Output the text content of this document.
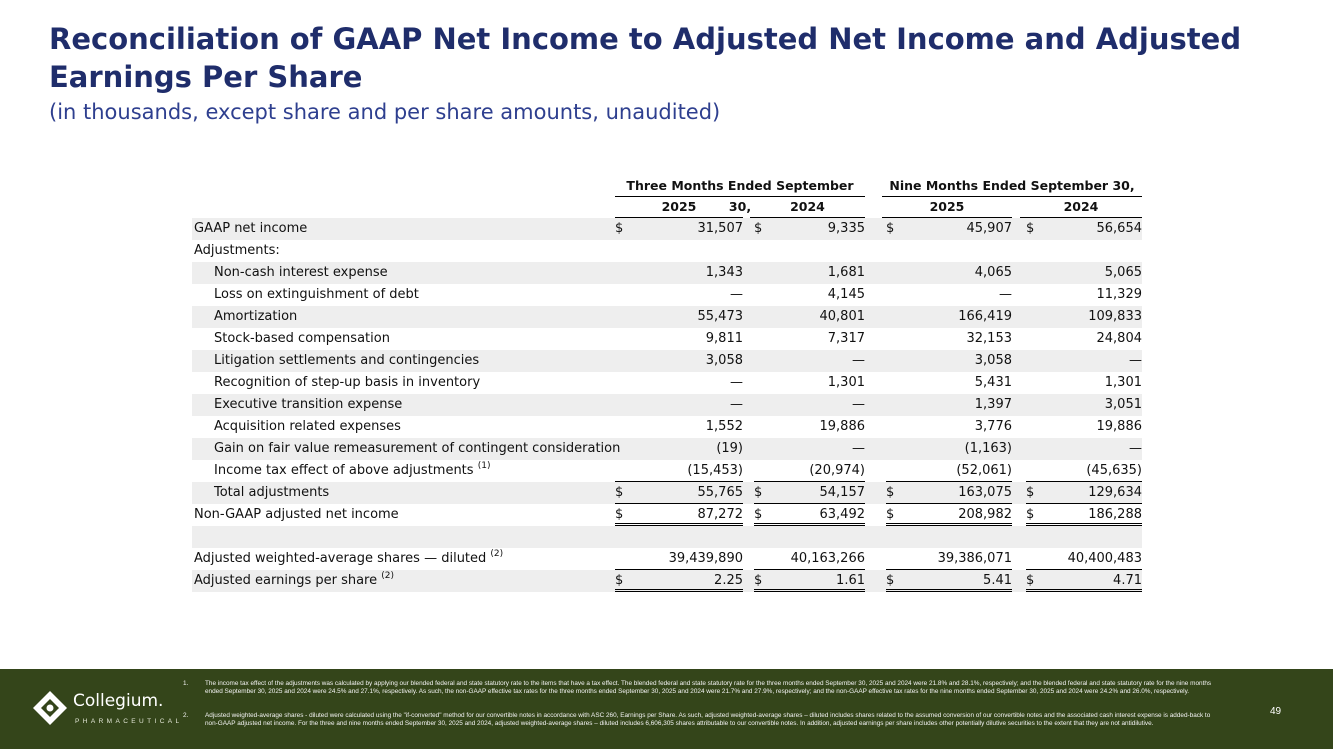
Reconciliation of GAAP Net Income to Adjusted Net Income and Adjusted Earnings Per Share
(in thousands, except share and per share amounts, unaudited)
Three Months Ended September 30,
Nine Months Ended September 30,
2025	2024	2025	2024
GAAP net income	$	31,507 $	9,335 $	45,907 $	56,654
Adjustments:
Non-cash interest expense	1,343	1,681	4,065	5,065
Loss on extinguishment of debt	—	4,145	—	11,329
Amortization	55,473	40,801	166,419	109,833
Stock-based compensation	9,811	7,317	32,153	24,804
Litigation settlements and contingencies	3,058	—	3,058	—
Recognition of step-up basis in inventory	—	1,301	5,431	1,301
Executive transition expense	—	—	1,397	3,051
Acquisition related expenses	1,552	19,886	3,776	19,886
Gain on fair value remeasurement of contingent consideration	(19)	—	(1,163)	—
Income tax effect of above adjustments $^{(1)}$	(15,453)	(20,974)	(52,061)	(45,635)
Total adjustments	$	55,765 $	54,157 $	163,075 $	129,634
Non-GAAP adjusted net income	$	87,272 $	63,492 $	208,982 $	186,288
Adjusted weighted-average shares — diluted $^{(2)}$	39,439,890	40,163,266	39,386,071	40,400,483
Adjusted earnings per share $^{(2)}$	$	2.25 $	1.61 $	5.41 $	4.71
Collegium.
PHARMACEUTICAL
1.	The income tax effect of the adjustments was calculated by applying our blended federal and state statutory rate to the items that have a tax effect. The blended federal and state statutory rate for the three months ended September 30, 2025 and 2024 were 21.8% and 28.1%, respectively; and the blended federal and state statutory rate for the nine months ended September 30, 2025 and 2024 were 24.5% and 27.1%, respectively. As such, the non-GAAP effective tax rates for the three months ended September 30, 2025 and 2024 were 21.7% and 27.9%, respectively; and the non-GAAP effective tax rates for the nine months ended September 30, 2025 and 2024 were 24.2% and 26.0%, respectively.
2.	Adjusted weighted-average shares - diluted were calculated using the "if-converted" method for our convertible notes in accordance with ASC 260, Earnings per Share. As such, adjusted weighted-average shares – diluted includes shares related to the assumed conversion of our convertible notes and the associated cash interest expense is added-back to non-GAAP adjusted net income. For the three and nine months ended September 30, 2025 and 2024, adjusted weighted-average shares – diluted includes 6,606,305 shares attributable to our convertible notes. In addition, adjusted earnings per share includes other potentially dilutive securities to the extent that they are not antidilutive.
49
